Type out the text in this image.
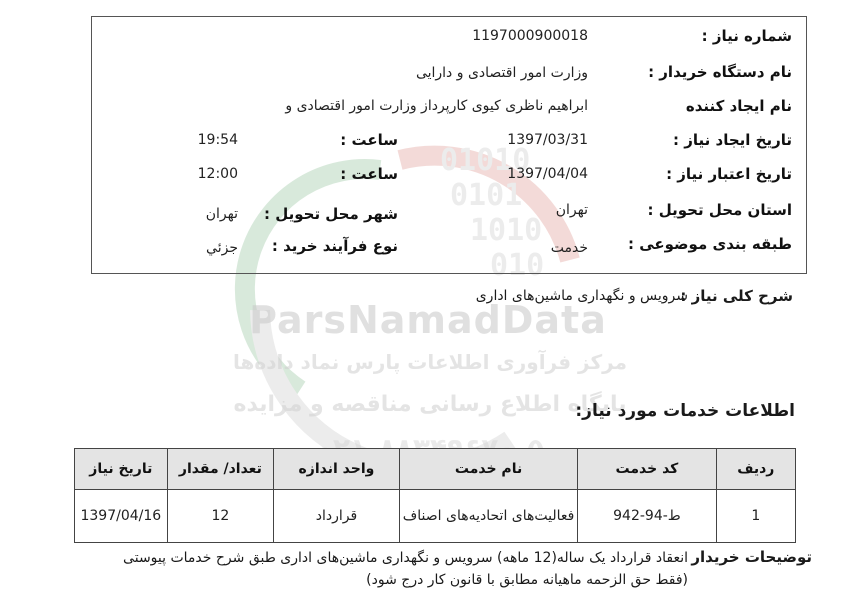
01010
0101
1010
010
ParsNamadData
مرکز فرآوری اطلاعات پارس نماد داده‌ها
پایگاه اطلاع رسانی مناقصه و مزایده
شماره نیاز :
1197000900018
نام دستگاه خریدار :
وزارت امور اقتصادی و دارایی
نام ایجاد کننده
ابراهیم ناظری کیوی کارپرداز وزارت امور اقتصادی و
تاریخ ایجاد نیاز :
1397/03/31
ساعت :
19:54
تاریخ اعتبار نیاز :
1397/04/04
ساعت :
12:00
استان محل تحویل :
تهران
شهر محل تحویل :
تهران
طبقه بندی موضوعی :
خدمت
نوع فرآیند خرید :
جزئي
شرح کلی نیاز :
سرویس و نگهداری ماشین‌های اداری
اطلاعات خدمات مورد نیاز:
ردیف	کد خدمت	نام خدمت	واحد اندازه	تعداد/ مقدار	تاریخ نیاز
1	ط-94-942	فعالیت‌های اتحادیه‌های اصناف	قرارداد	12	1397/04/16
توضیحات خریدار
انعقاد قرارداد یک ساله(12 ماهه) سرویس و نگهداری ماشین‌های اداری طبق شرح خدمات پیوستی (فقط حق الزحمه ماهیانه مطابق با قانون کار درج شود)
